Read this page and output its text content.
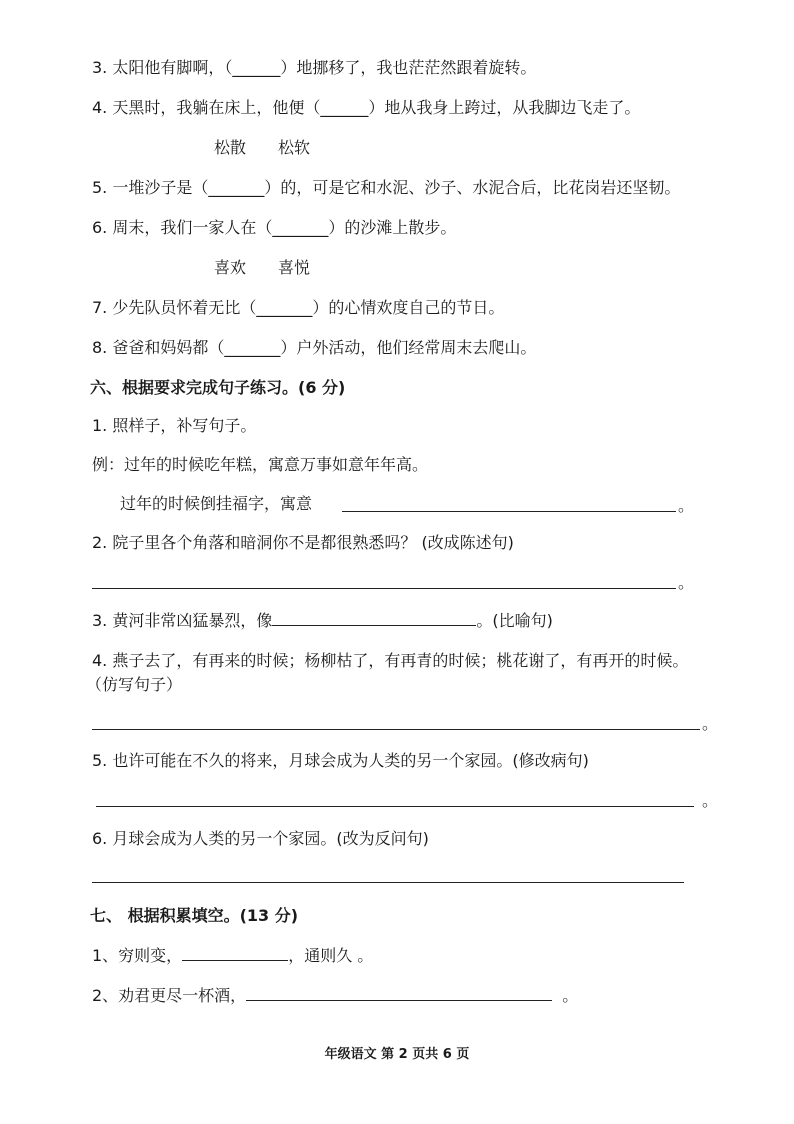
3. 太阳他有脚啊，（______）地挪移了，我也茫茫然跟着旋转。
4. 天黑时，我躺在床上，他便（______）地从我身上跨过，从我脚边飞走了。
松散 松软
5. 一堆沙子是（_______）的，可是它和水泥、沙子、水泥合后，比花岗岩还坚韧。
6. 周末，我们一家人在（_______）的沙滩上散步。
喜欢 喜悦
7. 少先队员怀着无比（_______）的心情欢度自己的节日。
8. 爸爸和妈妈都（_______）户外活动，他们经常周末去爬山。
六、根据要求完成句子练习。(6 分)
1. 照样子，补写句子。
例：过年的时候吃年糕，寓意万事如意年年高。
过年的时候倒挂福字，寓意	。
2. 院子里各个角落和暗洞你不是都很熟悉吗？ (改成陈述句)
。
3. 黄河非常凶猛暴烈，像	。(比喻句)
4. 燕子去了，有再来的时候；杨柳枯了，有再青的时候；桃花谢了，有再开的时候。
（仿写句子）
。
5. 也许可能在不久的将来，月球会成为人类的另一个家园。(修改病句)
。
6. 月球会成为人类的另一个家园。(改为反问句)
七、 根据积累填空。(13 分)
1、穷则变，	，通则久 。
2、劝君更尽一杯酒，	。
年级语文 第 2 页共 6 页
